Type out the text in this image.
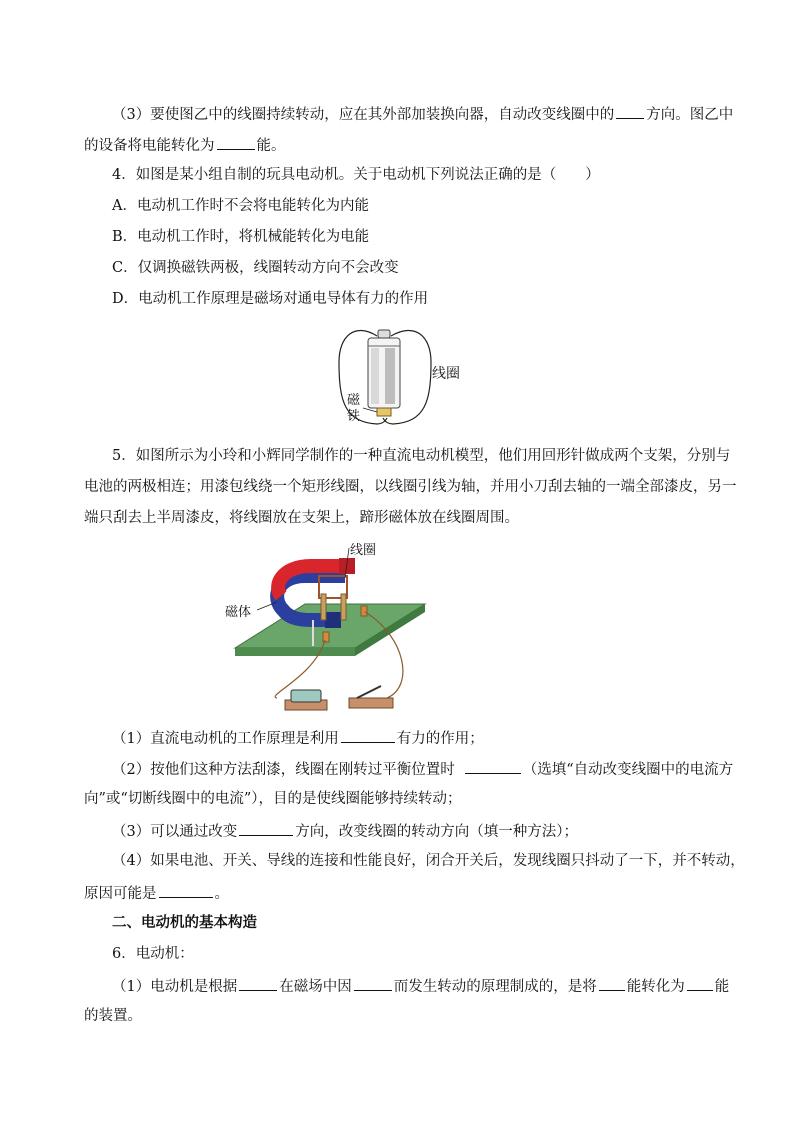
（3）要使图乙中的线圈持续转动，应在其外部加装换向器，自动改变线圈中的 方向。图乙中
的设备将电能转化为	能。
4．如图是某小组自制的玩具电动机。关于电动机下列说法正确的是（　　）
A．电动机工作时不会将电能转化为内能
B．电动机工作时，将机械能转化为电能
C．仅调换磁铁两极，线圈转动方向不会改变
D．电动机工作原理是磁场对通电导体有力的作用
线圈
磁
铁
5．如图所示为小玲和小辉同学制作的一种直流电动机模型，他们用回形针做成两个支架，分别与
电池的两极相连；用漆包线绕一个矩形线圈，以线圈引线为轴，并用小刀刮去轴的一端全部漆皮，另一
端只刮去上半周漆皮，将线圈放在支架上，蹄形磁体放在线圈周围。
线圈
磁体
（1）直流电动机的工作原理是利用	有力的作用；
（2）按他们这种方法刮漆，线圈在刚转过平衡位置时	（选填“自动改变线圈中的电流方
向”或“切断线圈中的电流”），目的是使线圈能够持续转动；
（3）可以通过改变	方向，改变线圈的转动方向（填一种方法）；
（4）如果电池、开关、导线的连接和性能良好，闭合开关后，发现线圈只抖动了一下，并不转动，
原因可能是	。
二、电动机的基本构造
6．电动机：
（1）电动机是根据	在磁场中因	而发生转动的原理制成的，是将 能转化为 能
的装置。
